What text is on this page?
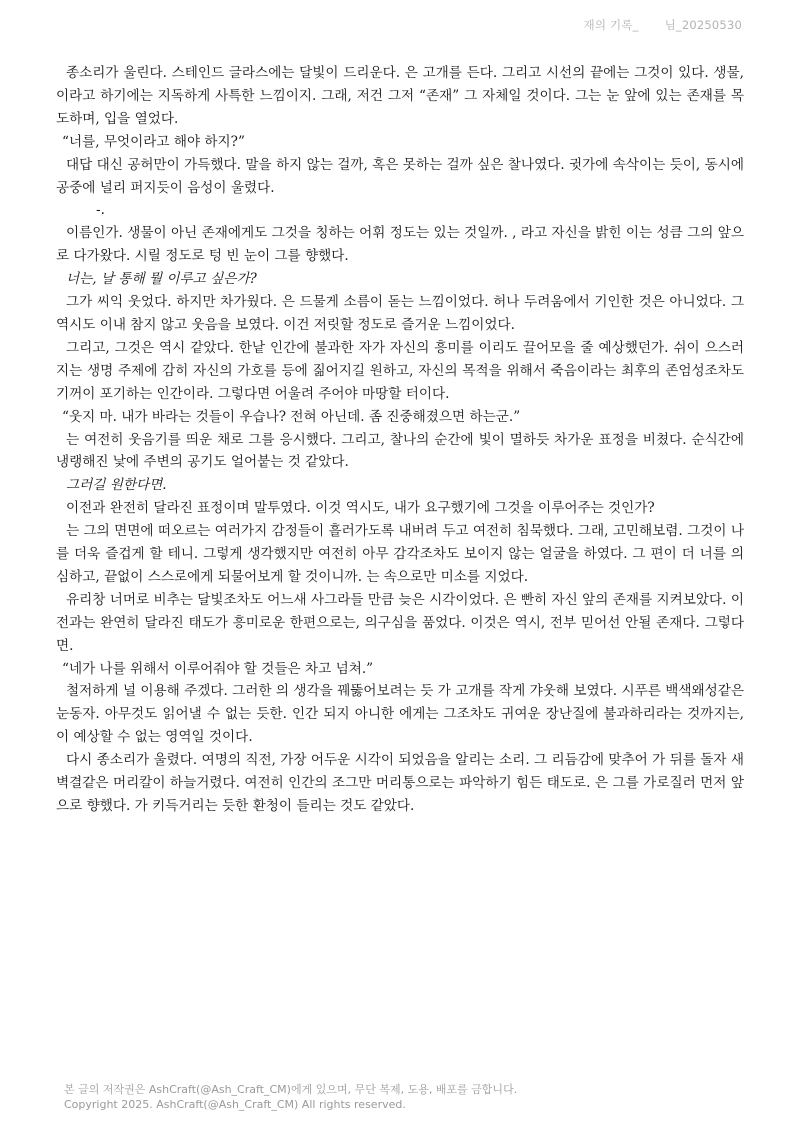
재의 기록_ 님_20250530

종소리가 울린다. 스테인드 글라스에는 달빛이 드리운다. 은 고개를 든다. 그리고 시선의 끝에는 그것이 있다. 생물, 이라고 하기에는 지독하게 사특한 느낌이지. 그래, 저건 그저 “존재” 그 자체일 것이다. 그는 눈 앞에 있는 존재를 목도하며, 입을 열었다.

“너를, 무엇이라고 해야 하지?”

대답 대신 공허만이 가득했다. 말을 하지 않는 걸까, 혹은 못하는 걸까 싶은 찰나였다. 귓가에 속삭이는 듯이, 동시에 공중에 널리 퍼지듯이 음성이 울렸다.

-.

이름인가. 생물이 아닌 존재에게도 그것을 칭하는 어휘 정도는 있는 것일까. , 라고 자신을 밝힌 이는 성큼 그의 앞으로 다가왔다. 시릴 정도로 텅 빈 눈이 그를 향했다.

너는, 날 통해 뭘 이루고 싶은가?

그가 씨익 웃었다. 하지만 차가웠다. 은 드물게 소름이 돋는 느낌이었다. 허나 두려움에서 기인한 것은 아니었다. 그 역시도 이내 참지 않고 웃음을 보였다. 이건 저릿할 정도로 즐거운 느낌이었다.

그리고, 그것은 역시 같았다. 한낱 인간에 불과한 자가 자신의 흥미를 이리도 끌어모을 줄 예상했던가. 쉬이 으스러지는 생명 주제에 감히 자신의 가호를 등에 짊어지길 원하고, 자신의 목적을 위해서 죽음이라는 최후의 존엄성조차도 기꺼이 포기하는 인간이라. 그렇다면 어울려 주어야 마땅할 터이다.

“웃지 마. 내가 바라는 것들이 우습나? 전혀 아닌데. 좀 진중해졌으면 하는군.”

는 여전히 웃음기를 띄운 채로 그를 응시했다. 그리고, 찰나의 순간에 빛이 멸하듯 차가운 표정을 비쳤다. 순식간에 냉랭해진 낯에 주변의 공기도 얼어붙는 것 같았다.

그러길 원한다면.

이전과 완전히 달라진 표정이며 말투였다. 이것 역시도, 내가 요구했기에 그것을 이루어주는 것인가?

는 그의 면면에 떠오르는 여러가지 감정들이 흘러가도록 내버려 두고 여전히 침묵했다. 그래, 고민해보렴. 그것이 나를 더욱 즐겁게 할 테니. 그렇게 생각했지만 여전히 아무 감각조차도 보이지 않는 얼굴을 하였다. 그 편이 더 너를 의심하고, 끝없이 스스로에게 되물어보게 할 것이니까. 는 속으로만 미소를 지었다.

유리창 너머로 비추는 달빛조차도 어느새 사그라들 만큼 늦은 시각이었다. 은 빤히 자신 앞의 존재를 지켜보았다. 이전과는 완연히 달라진 태도가 흥미로운 한편으로는, 의구심을 품었다. 이것은 역시, 전부 믿어선 안될 존재다. 그렇다면.

“네가 나를 위해서 이루어줘야 할 것들은 차고 넘쳐.”

철저하게 널 이용해 주겠다. 그러한 의 생각을 꿰뚫어보려는 듯 가 고개를 작게 갸웃해 보였다. 시푸른 백색왜성같은 눈동자. 아무것도 읽어낼 수 없는 듯한. 인간 되지 아니한 에게는 그조차도 귀여운 장난질에 불과하리라는 것까지는, 이 예상할 수 없는 영역일 것이다.

다시 종소리가 울렸다. 여명의 직전, 가장 어두운 시각이 되었음을 알리는 소리. 그 리듬감에 맞추어 가 뒤를 돌자 새벽결같은 머리칼이 하늘거렸다. 여전히 인간의 조그만 머리통으로는 파악하기 힘든 태도로. 은 그를 가로질러 먼저 앞으로 향했다. 가 키득거리는 듯한 환청이 들리는 것도 같았다.

본 글의 저작권은 AshCraft(@Ash_Craft_CM)에게 있으며, 무단 복제, 도용, 배포를 금합니다.
Copyright 2025. AshCraft(@Ash_Craft_CM) All rights reserved.
